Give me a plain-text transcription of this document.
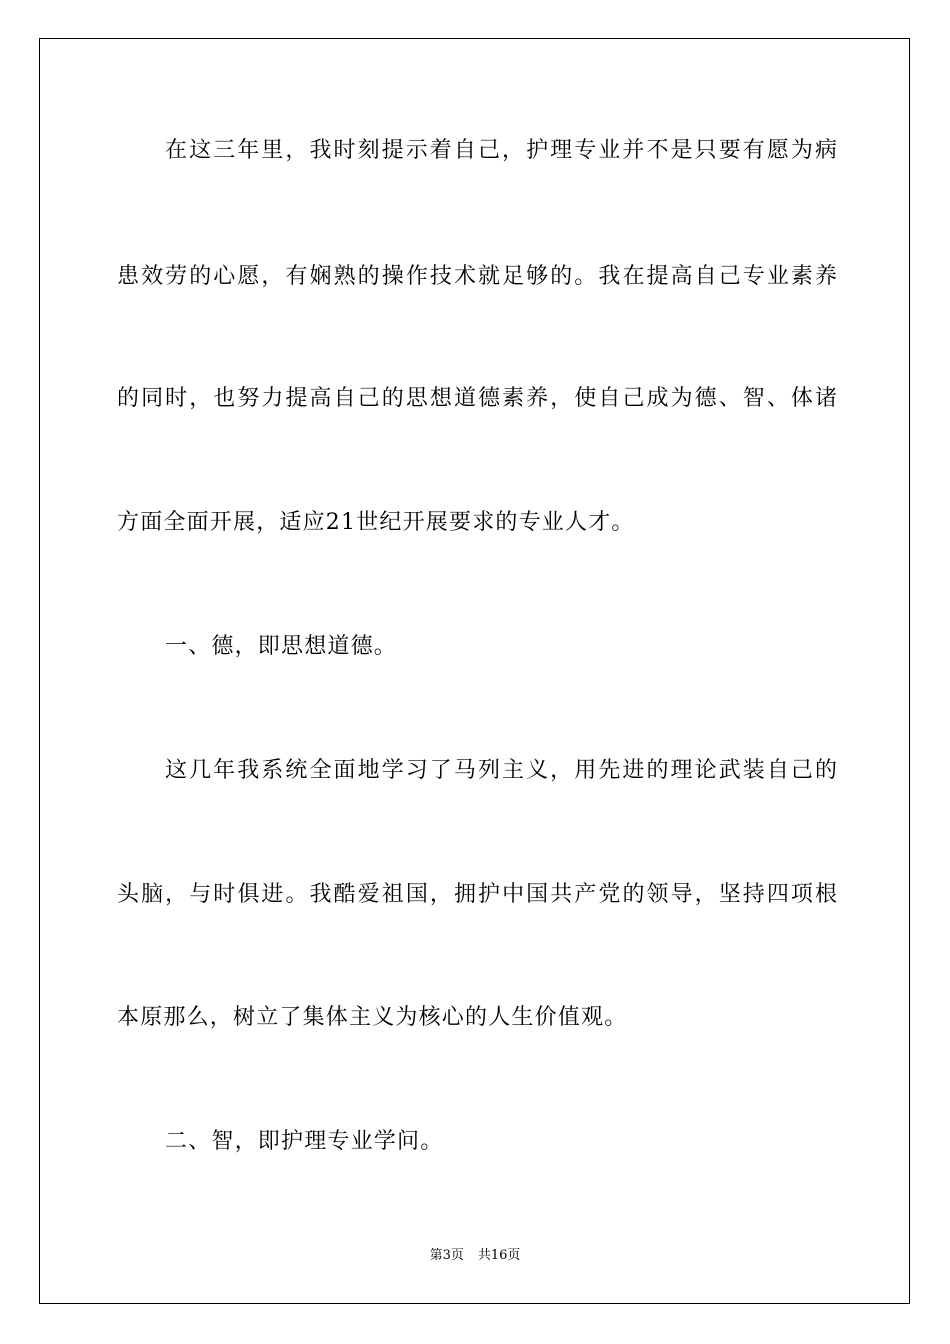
在这三年里，我时刻提示着自己，护理专业并不是只要有愿为病
患效劳的心愿，有娴熟的操作技术就足够的。我在提高自己专业素养
的同时，也努力提高自己的思想道德素养，使自己成为德、智、体诸
方面全面开展，适应21世纪开展要求的专业人才。
一、德，即思想道德。
这几年我系统全面地学习了马列主义，用先进的理论武装自己的
头脑，与时俱进。我酷爱祖国，拥护中国共产党的领导，坚持四项根
本原那么，树立了集体主义为核心的人生价值观。
二、智，即护理专业学问。
第3页 共16页
